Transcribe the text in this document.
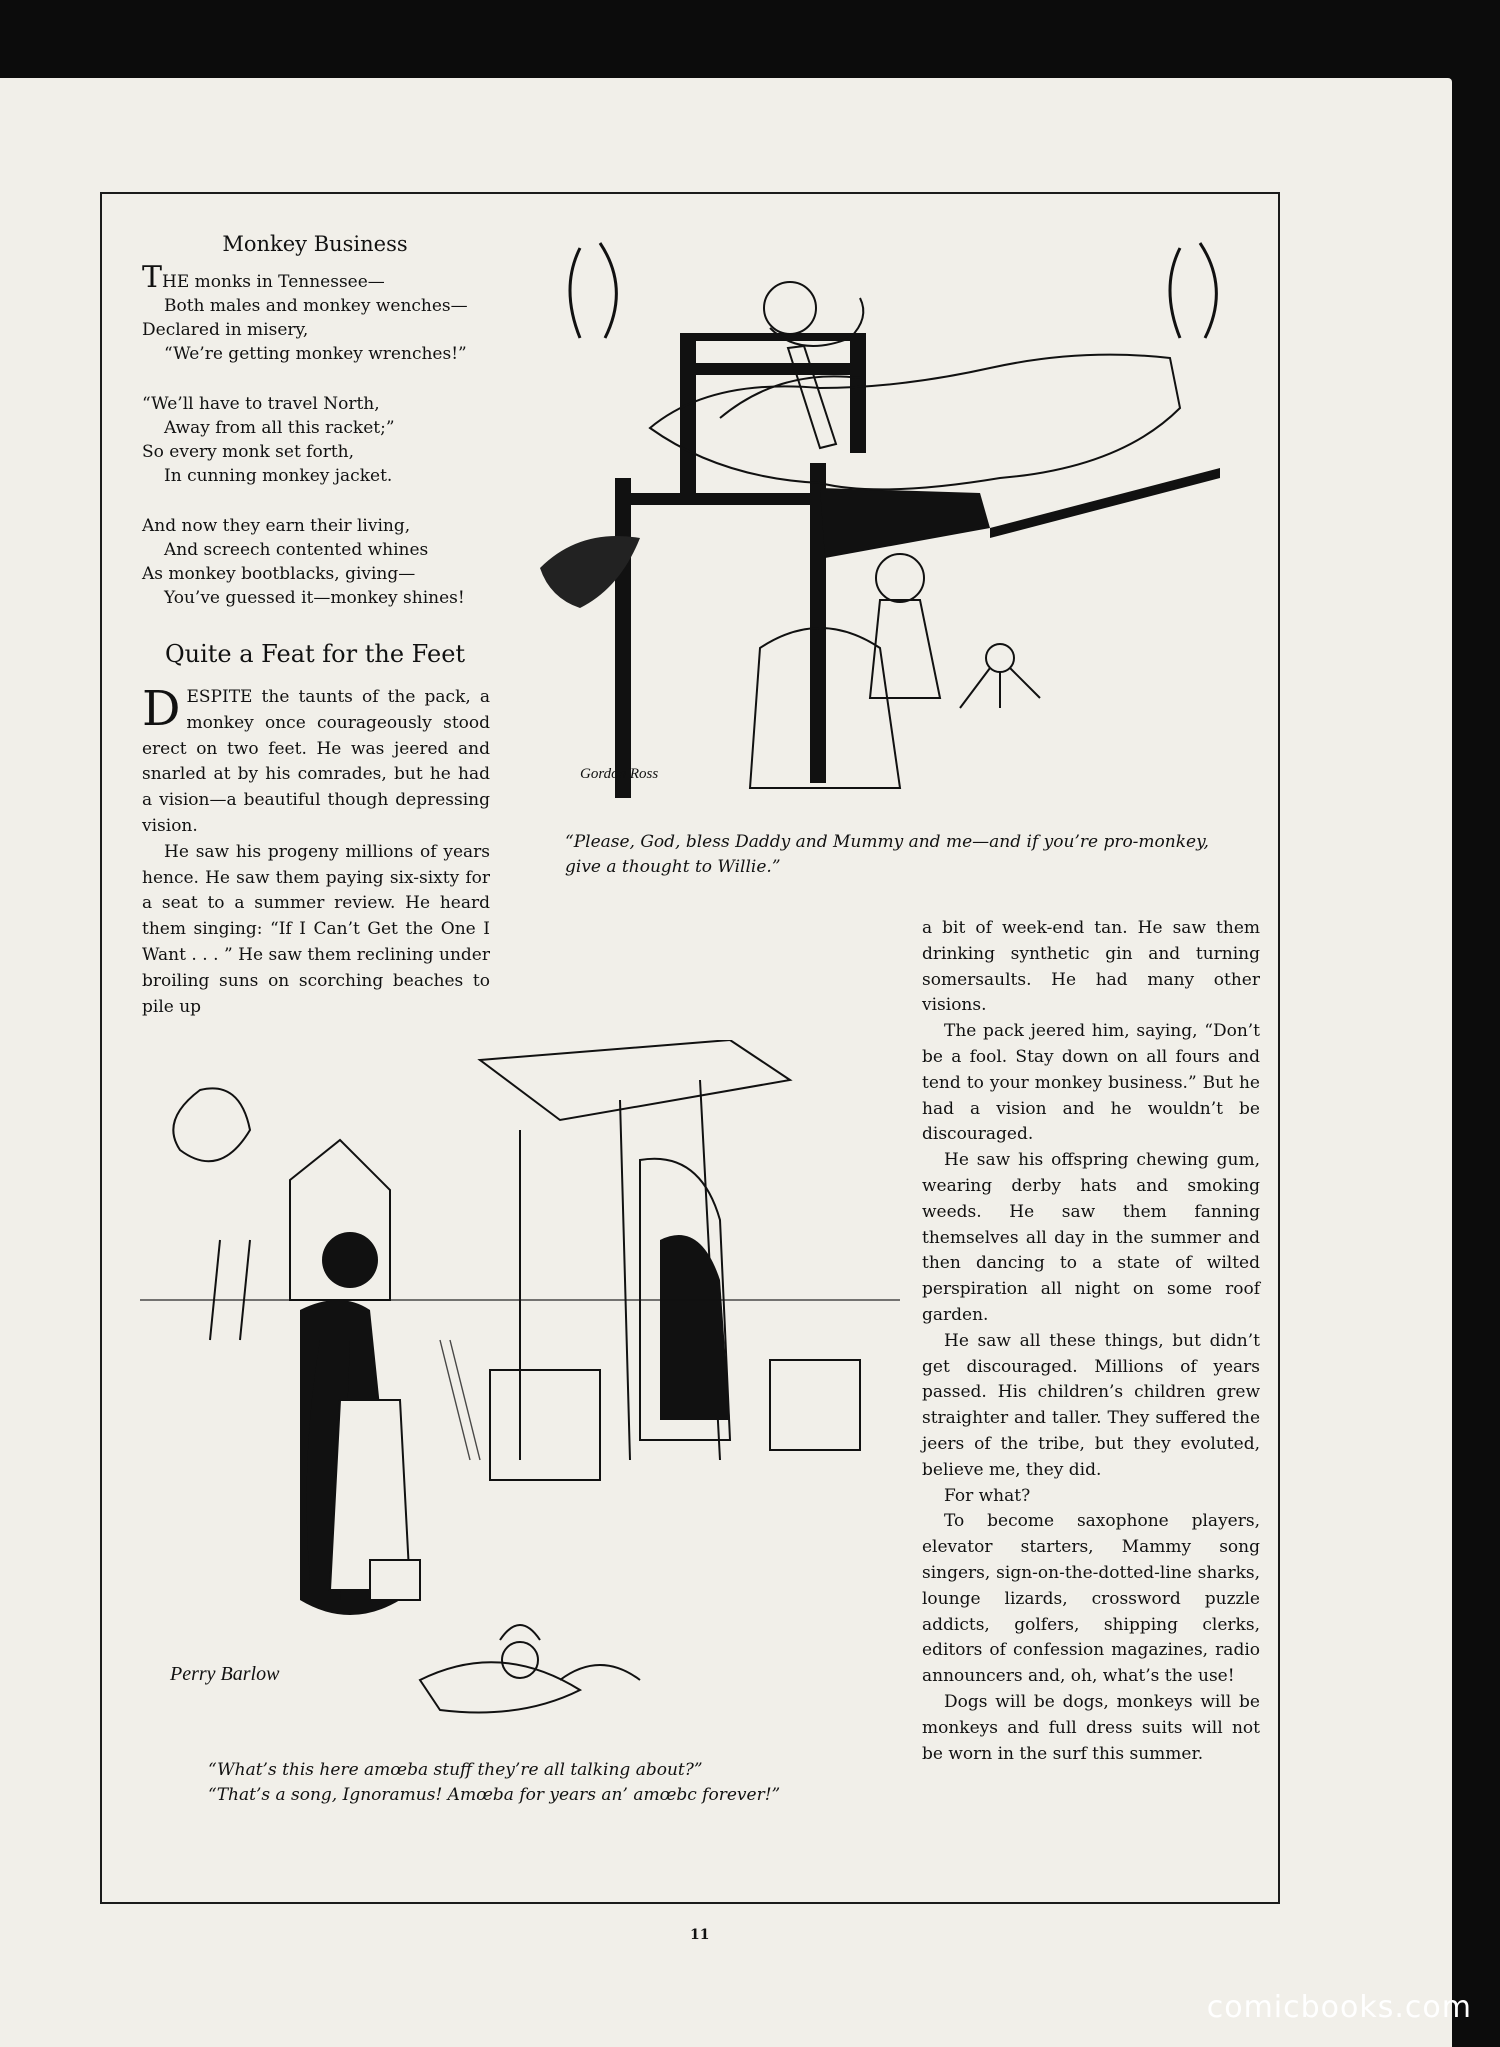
Monkey Business
THE monks in Tennessee—
Both males and monkey wenches—
Declared in misery,
“We’re getting monkey wrenches!”
“We’ll have to travel North,
Away from all this racket;”
So every monk set forth,
In cunning monkey jacket.
And now they earn their living,
And screech contented whines
As monkey bootblacks, giving—
You’ve guessed it—monkey shines!
Quite a Feat for the Feet

DESPITE the taunts of the pack, a monkey once courageously stood erect on two feet. He was jeered and snarled at by his comrades, but he had a vision—a beautiful though depressing vision.

He saw his progeny millions of years hence. He saw them paying six-sixty for a seat to a summer review. He heard them singing: “If I Can’t Get the One I Want . . . ” He saw them reclining under broiling suns on scorching beaches to pile up

a bit of week-end tan. He saw them drinking synthetic gin and turning somersaults. He had many other visions.

The pack jeered him, saying, “Don’t be a fool. Stay down on all fours and tend to your monkey business.” But he had a vision and he wouldn’t be discouraged.

He saw his offspring chewing gum, wearing derby hats and smoking weeds. He saw them fanning themselves all day in the summer and then dancing to a state of wilted perspiration all night on some roof garden.

He saw all these things, but didn’t get discouraged. Millions of years passed. His children’s children grew straighter and taller. They suffered the jeers of the tribe, but they evoluted, believe me, they did.

For what?

To become saxophone players, elevator starters, Mammy song singers, sign-on-the-dotted-line sharks, lounge lizards, crossword puzzle addicts, golfers, shipping clerks, editors of confession magazines, radio announcers and, oh, what’s the use!

Dogs will be dogs, monkeys will be monkeys and full dress suits will not be worn in the surf this summer.

Gordon Ross
“Please, God, bless Daddy and Mummy and me—and if you’re pro-monkey, give a thought to Willie.”
Perry Barlow
“What’s this here amœba stuff they’re all talking about?”
“That’s a song, Ignoramus! Amœba for years an’ amœbc forever!”
11
comicbooks.com
